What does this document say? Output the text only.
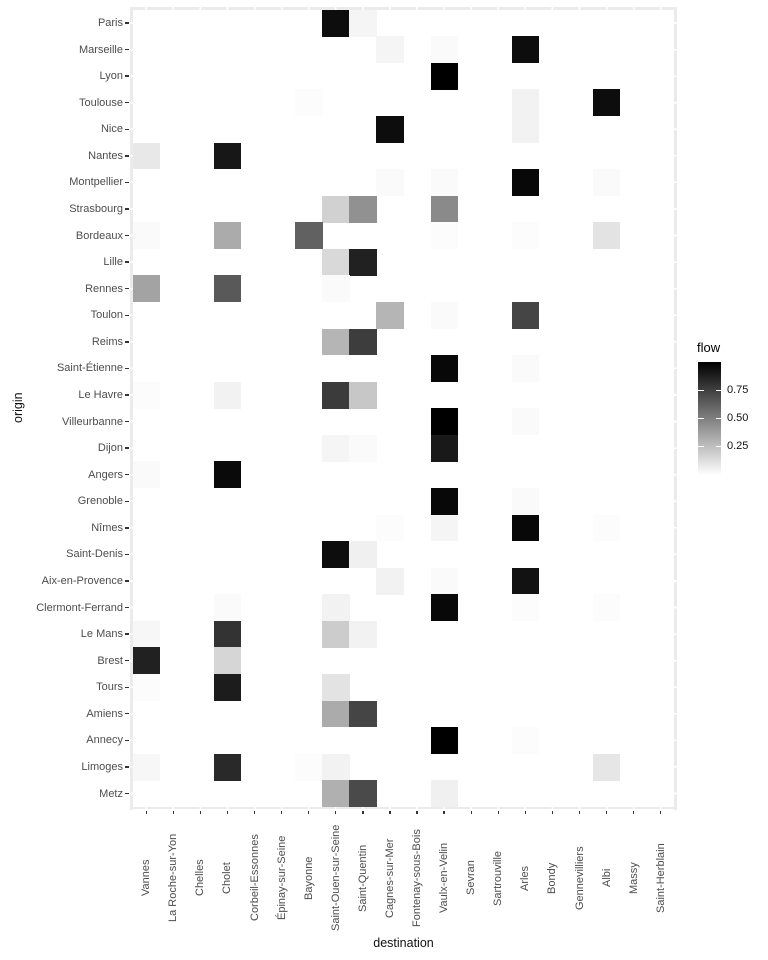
Vannes La Roche-sur-Yon Chelles Cholet Corbeil-Essonnes Épinay-sur-Seine Bayonne Saint-Ouen-sur-Seine Saint-Quentin Cagnes-sur-Mer Fontenay-sous-Bois Vaulx-en-Velin Sevran Sartrouville Arles Bondy Gennevilliers Albi Massy Saint-Herblain
Paris
Marseille
Lyon
Toulouse
Nice
Nantes
Montpellier
Strasbourg
Bordeaux
Lille
Rennes
Toulon
Reims
Saint-Étienne
Le Havre
Villeurbanne
Dijon
Angers
Grenoble
Nîmes
Saint-Denis
Aix-en-Provence
Clermont-Ferrand
Le Mans
Brest
Tours
Amiens
Annecy
Limoges
Metz
destination
origin
flow
0.75
0.50
0.25
